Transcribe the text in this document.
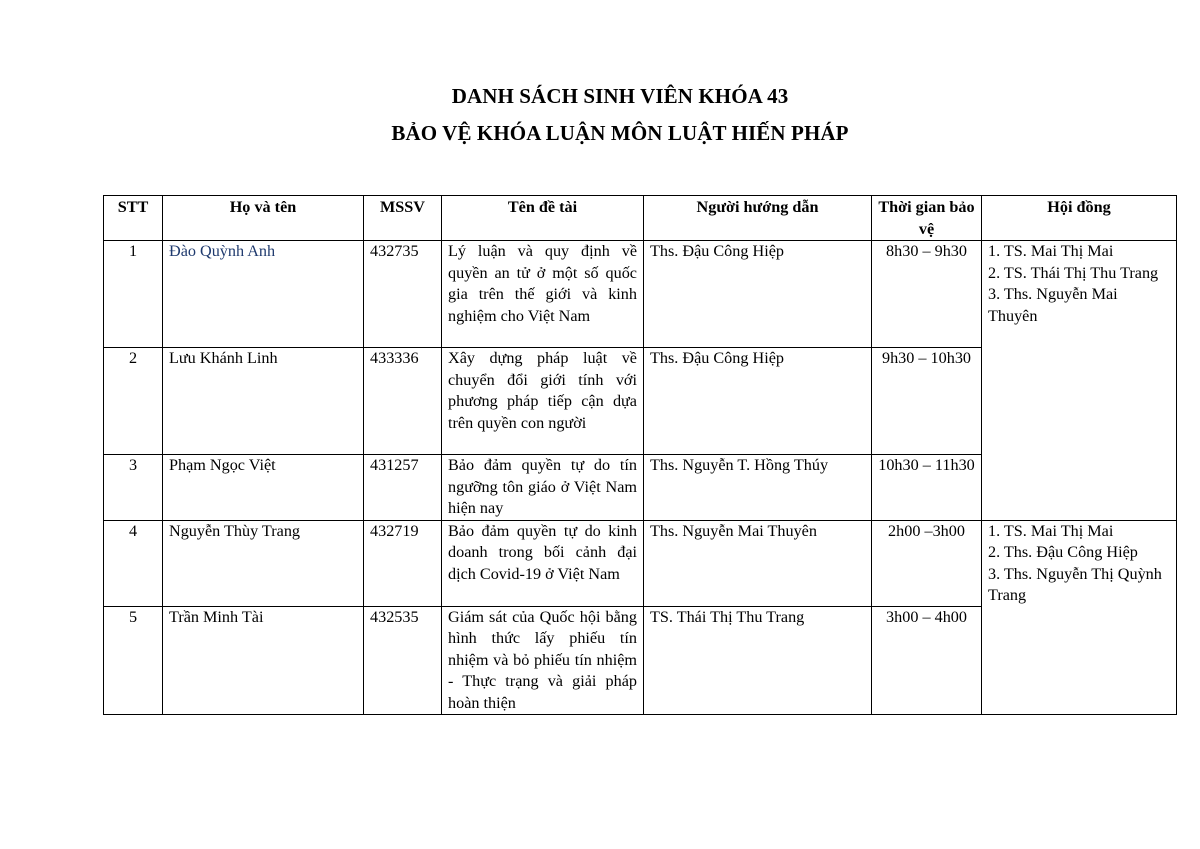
DANH SÁCH SINH VIÊN KHÓA 43
BẢO VỆ KHÓA LUẬN MÔN LUẬT HIẾN PHÁP
STT	Họ và tên	MSSV	Tên đề tài	Người hướng dẫn	Thời gian bảo vệ	Hội đồng
1	Đào Quỳnh Anh	432735	Lý luận và quy định về quyền an tử ở một số quốc gia trên thế giới và kinh nghiệm cho Việt Nam	Ths. Đậu Công Hiệp	8h30 – 9h30	1. TS. Mai Thị Mai
2. TS. Thái Thị Thu Trang
3. Ths. Nguyễn Mai Thuyên

2	Lưu Khánh Linh	433336	Xây dựng pháp luật về chuyển đổi giới tính với phương pháp tiếp cận dựa trên quyền con người	Ths. Đậu Công Hiệp	9h30 – 10h30	
3	Phạm Ngọc Việt	431257	Bảo đảm quyền tự do tín ngưỡng tôn giáo ở Việt Nam hiện nay	Ths. Nguyễn T. Hồng Thúy	10h30 – 11h30	
4	Nguyễn Thùy Trang	432719	Bảo đảm quyền tự do kinh doanh trong bối cảnh đại dịch Covid-19 ở Việt Nam	Ths. Nguyễn Mai Thuyên	2h00 –3h00	1. TS. Mai Thị Mai
2. Ths. Đậu Công Hiệp
3. Ths. Nguyễn Thị Quỳnh Trang

5	Trần Minh Tài	432535	Giám sát của Quốc hội bằng hình thức lấy phiếu tín nhiệm và bỏ phiếu tín nhiệm - Thực trạng và giải pháp hoàn thiện	TS. Thái Thị Thu Trang	3h00 – 4h00	
